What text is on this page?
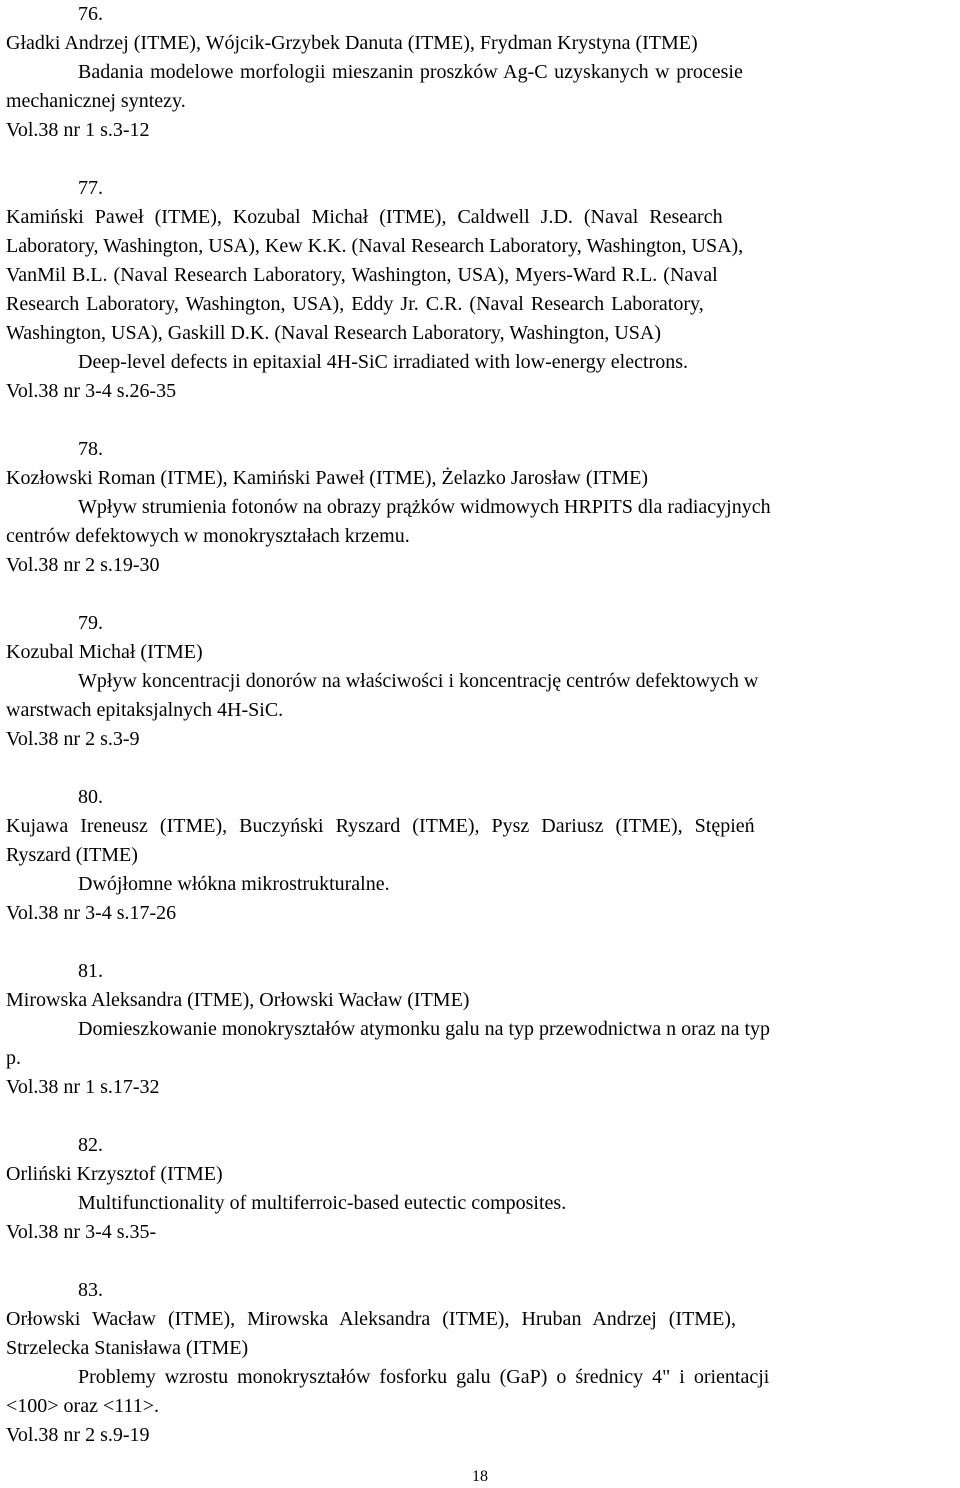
76.
Gładki Andrzej (ITME), Wójcik-Grzybek Danuta (ITME), Frydman Krystyna (ITME)
Badania modelowe morfologii mieszanin proszków Ag-C uzyskanych w procesie
mechanicznej syntezy.
Vol.38 nr 1 s.3-12
77.
Kamiński Paweł (ITME), Kozubal Michał (ITME), Caldwell J.D. (Naval Research
Laboratory, Washington, USA), Kew K.K. (Naval Research Laboratory, Washington, USA),
VanMil B.L. (Naval Research Laboratory, Washington, USA), Myers-Ward R.L. (Naval
Research Laboratory, Washington, USA), Eddy Jr. C.R. (Naval Research Laboratory,
Washington, USA), Gaskill D.K. (Naval Research Laboratory, Washington, USA)
Deep-level defects in epitaxial 4H-SiC irradiated with low-energy electrons.
Vol.38 nr 3-4 s.26-35
78.
Kozłowski Roman (ITME), Kamiński Paweł (ITME), Żelazko Jarosław (ITME)
Wpływ strumienia fotonów na obrazy prążków widmowych HRPITS dla radiacyjnych
centrów defektowych w monokryształach krzemu.
Vol.38 nr 2 s.19-30
79.
Kozubal Michał (ITME)
Wpływ koncentracji donorów na właściwości i koncentrację centrów defektowych w
warstwach epitaksjalnych 4H-SiC.
Vol.38 nr 2 s.3-9
80.
Kujawa Ireneusz (ITME), Buczyński Ryszard (ITME), Pysz Dariusz (ITME), Stępień
Ryszard (ITME)
Dwójłomne włókna mikrostrukturalne.
Vol.38 nr 3-4 s.17-26
81.
Mirowska Aleksandra (ITME), Orłowski Wacław (ITME)
Domieszkowanie monokryształów atymonku galu na typ przewodnictwa n oraz na typ
p.
Vol.38 nr 1 s.17-32
82.
Orliński Krzysztof (ITME)
Multifunctionality of multiferroic-based eutectic composites.
Vol.38 nr 3-4 s.35-
83.
Orłowski Wacław (ITME), Mirowska Aleksandra (ITME), Hruban Andrzej (ITME),
Strzelecka Stanisława (ITME)
Problemy wzrostu monokryształów fosforku galu (GaP) o średnicy 4" i orientacji
<100> oraz <111>.
Vol.38 nr 2 s.9-19
18
